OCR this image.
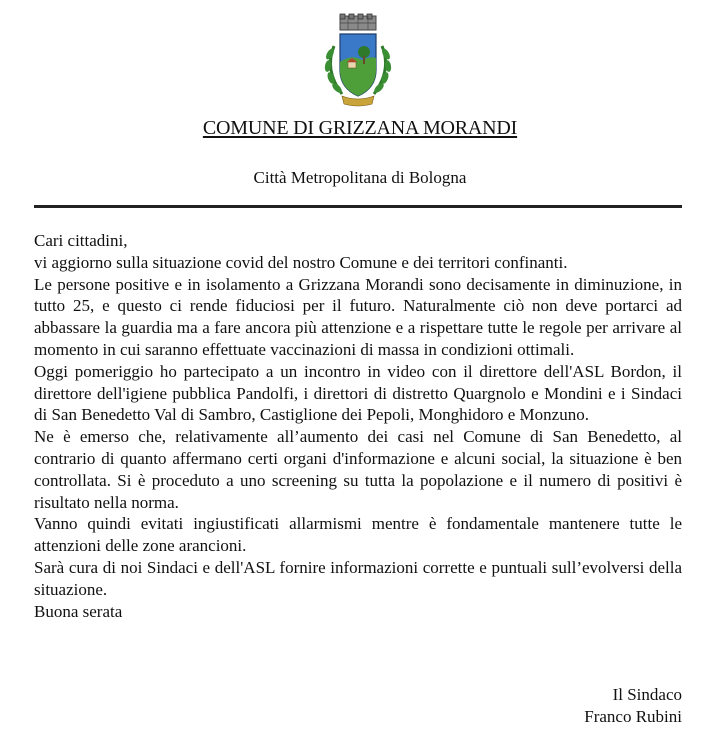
COMUNE DI GRIZZANA MORANDI
Città Metropolitana di Bologna

Cari cittadini,

vi aggiorno sulla situazione covid del nostro Comune e dei territori confinanti.

Le persone positive e in isolamento a Grizzana Morandi sono decisamente in diminuzione, in tutto 25, e questo ci rende fiduciosi per il futuro. Naturalmente ciò non deve portarci ad abbassare la guardia ma a fare ancora più attenzione e a rispettare tutte le regole per arrivare al momento in cui saranno effettuate vaccinazioni di massa in condizioni ottimali.

Oggi pomeriggio ho partecipato a un incontro in video con il direttore dell'ASL Bordon, il direttore dell'igiene pubblica Pandolfi, i direttori di distretto Quargnolo e Mondini e i Sindaci di San Benedetto Val di Sambro, Castiglione dei Pepoli, Monghidoro e Monzuno.

Ne è emerso che, relativamente all’aumento dei casi nel Comune di San Benedetto, al contrario di quanto affermano certi organi d'informazione e alcuni social, la situazione è ben controllata. Si è proceduto a uno screening su tutta la popolazione e il numero di positivi è risultato nella norma.

Vanno quindi evitati ingiustificati allarmismi mentre è fondamentale mantenere tutte le attenzioni delle zone arancioni.

Sarà cura di noi Sindaci e dell'ASL fornire informazioni corrette e puntuali sull’evolversi della situazione.

Buona serata

Il Sindaco
Franco Rubini
